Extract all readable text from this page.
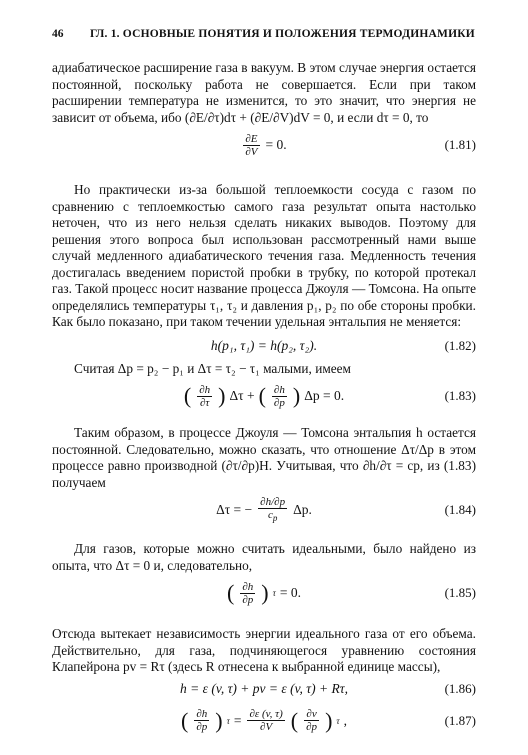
46 ГЛ. 1. ОСНОВНЫЕ ПОНЯТИЯ И ПОЛОЖЕНИЯ ТЕРМОДИНАМИКИ

адиабатическое расширение газа в вакуум. В этом случае энергия остается постоянной, поскольку работа не совершается. Если при таком расширении температура не изменится, то это значит, что энергия не зависит от объема, ибо (∂E/∂τ)dτ + (∂E/∂V)dV = 0, и если dτ = 0, то

$\frac{\partial E}{\partial V} = 0$.	(1.81)

Но практически из-за большой теплоемкости сосуда с газом по сравнению с теплоемкостью самого газа результат опыта настолько неточен, что из него нельзя сделать никаких выводов. Поэтому для решения этого вопроса был использован рассмотренный нами выше случай медленного адиабатического течения газа. Медленность течения достигалась введением пористой пробки в трубку, по которой протекал газ. Такой процесс носит название процесса Джоуля — Томсона. На опыте определялись температуры τ₁, τ₂ и давления p₁, p₂ по обе стороны пробки. Как было показано, при таком течении удельная энтальпия не меняется:

h(p₁, τ₁) = h(p₂, τ₂).	(1.82)

Считая Δp = p₂ − p₁ и Δτ = τ₂ − τ₁ малыми, имеем

( $\frac{\partial h}{\partial\tau}$ ) Δτ + ( $\frac{\partial h}{\partial p}$ ) Δp = 0.	(1.83)

Таким образом, в процессе Джоуля — Томсона энтальпия h остается постоянной. Следовательно, можно сказать, что отношение Δτ/Δp в этом процессе равно производной (∂τ/∂p)H. Учитывая, что ∂h/∂τ = cp, из (1.83) получаем

Δτ = − $\frac{\partial h/\partial p}{c_p} \Delta p$.	(1.84)

Для газов, которые можно считать идеальными, было найдено из опыта, что Δτ = 0 и, следовательно,

( $\frac{\partial h}{\partial p}$ ) τ = 0.	(1.85)

Отсюда вытекает независимость энергии идеального газа от его объема. Действительно, для газа, подчиняющегося уравнению состояния Клапейрона pv = Rτ (здесь R отнесена к выбранной единице массы),

h = ε (v, τ) + pv = ε (v, τ) + Rτ,	(1.86)
( $\frac{\partial h}{\partial p}$ ) $\tau = \frac{\partial\varepsilon (v, \tau)}{\partial V}$ ( $\frac{\partial v}{\partial p}$ ) τ ,	(1.87)
